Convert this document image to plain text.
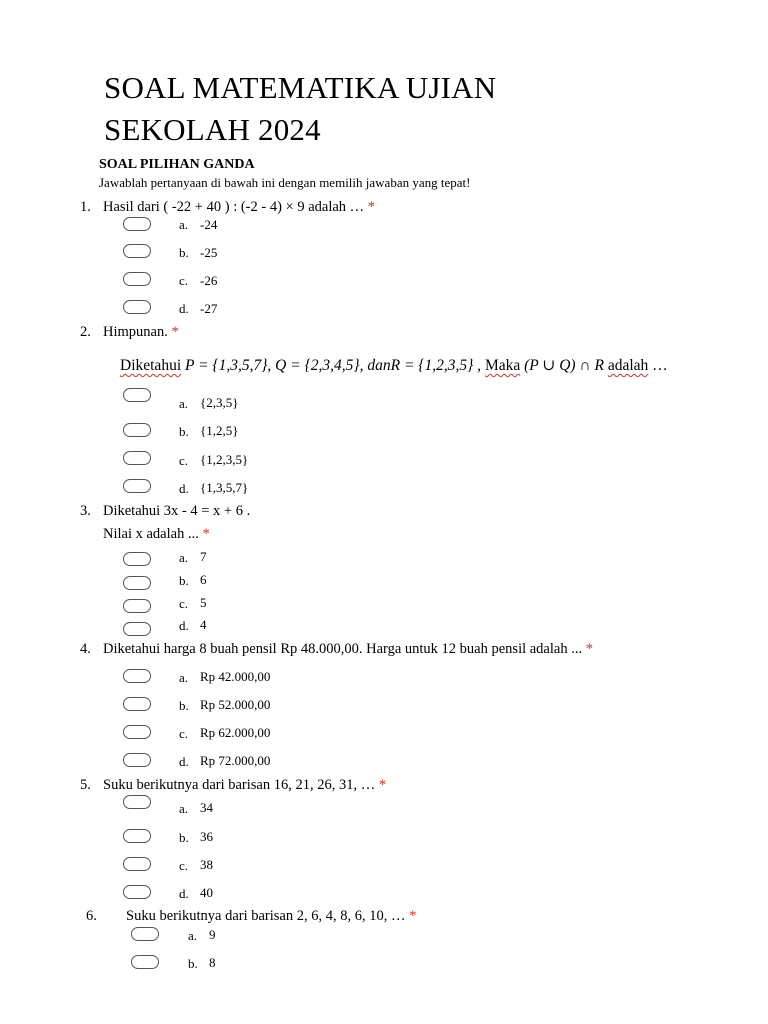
SOAL MATEMATIKA UJIAN
SEKOLAH 2024
SOAL PILIHAN GANDA
Jawablah pertanyaan di bawah ini dengan memilih jawaban yang tepat!
1. Hasil dari ( -22 + 40 ) : (-2 - 4) × 9 adalah … *
a. -24
b. -25
c. -26
d. -27
2. Himpunan. *
Diketahui P = {1,3,5,7}, Q = {2,3,4,5}, danR = {1,2,3,5} , Maka (P ∪ Q) ∩ R adalah …
a. {2,3,5}
b. {1,2,5}
c. {1,2,3,5}
d. {1,3,5,7}
3. Diketahui 3x - 4 = x + 6 .
Nilai x adalah ... *
a. 7
b. 6
c. 5
d. 4
4. Diketahui harga 8 buah pensil Rp 48.000,00. Harga untuk 12 buah pensil adalah ... *
a. Rp 42.000,00
b. Rp 52.000,00
c. Rp 62.000,00
d. Rp 72.000,00
5. Suku berikutnya dari barisan 16, 21, 26, 31, … *
a. 34
b. 36
c. 38
d. 40
6. Suku berikutnya dari barisan 2, 6, 4, 8, 6, 10, … *
a. 9
b. 8
